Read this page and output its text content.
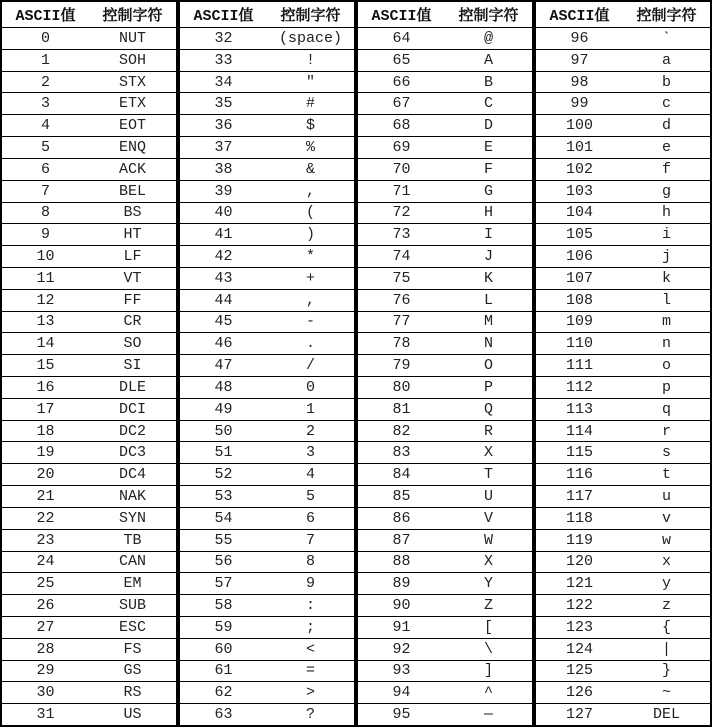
ASCII值	控制字符
0	NUT
1	SOH
2	STX
3	ETX
4	EOT
5	ENQ
6	ACK
7	BEL
8	BS
9	HT
10	LF
11	VT
12	FF
13	CR
14	SO
15	SI
16	DLE
17	DCI
18	DC2
19	DC3
20	DC4
21	NAK
22	SYN
23	TB
24	CAN
25	EM
26	SUB
27	ESC
28	FS
29	GS
30	RS
31	US
ASCII值	控制字符
32	(space)
33	!
34	"
35	#
36	$
37	%
38	&
39	,
40	(
41	)
42	*
43	+
44	,
45	-
46	.
47	/
48	0
49	1
50	2
51	3
52	4
53	5
54	6
55	7
56	8
57	9
58	:
59	;
60	<
61	=
62	>
63	?
ASCII值	控制字符
64	@
65	A
66	B
67	C
68	D
69	E
70	F
71	G
72	H
73	I
74	J
75	K
76	L
77	M
78	N
79	O
80	P
81	Q
82	R
83	X
84	T
85	U
86	V
87	W
88	X
89	Y
90	Z
91	[
92	\
93	]
94	^
95	—
ASCII值	控制字符
96	`
97	a
98	b
99	c
100	d
101	e
102	f
103	g
104	h
105	i
106	j
107	k
108	l
109	m
110	n
111	o
112	p
113	q
114	r
115	s
116	t
117	u
118	v
119	w
120	x
121	y
122	z
123	{
124	|
125	}
126	~
127	DEL
